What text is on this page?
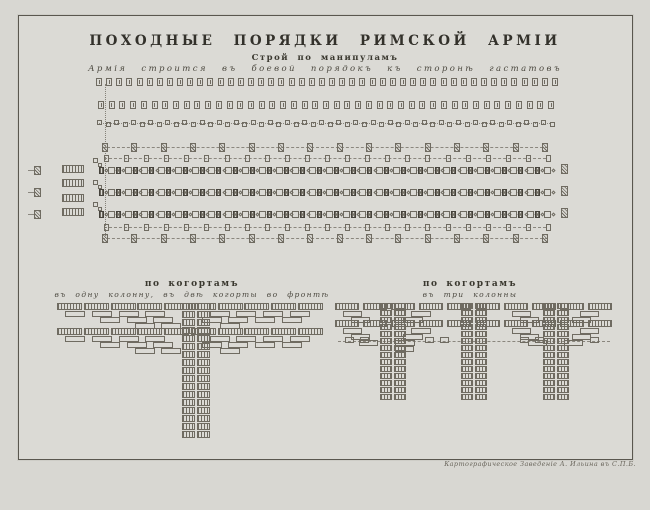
ПОХОДНЫЕ ПОРЯДКИ РИМСКОЙ АРМІИ
Строй по манипуламъ
Армія строится въ боевой порядокъ къ сторонѣ гастатовъ
по когортамъ
въ одну колонну, въ двѣ когорты во фронтѣ
по когортамъ
въ три колонны
Картографическое Заведеніе А. Ильина въ С.П.Б.
